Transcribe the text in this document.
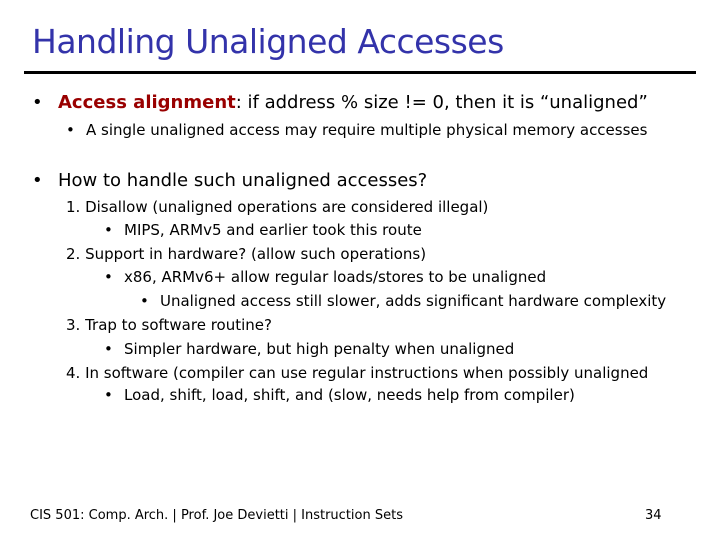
Handling Unaligned Accesses
• Access alignment: if address % size != 0, then it is “unaligned”
• A single unaligned access may require multiple physical memory accesses
• How to handle such unaligned accesses?
1. Disallow (unaligned operations are considered illegal)
• MIPS, ARMv5 and earlier took this route
2. Support in hardware? (allow such operations)
• x86, ARMv6+ allow regular loads/stores to be unaligned
• Unaligned access still slower, adds significant hardware complexity
3. Trap to software routine?
• Simpler hardware, but high penalty when unaligned
4. In software (compiler can use regular instructions when possibly unaligned
• Load, shift, load, shift, and (slow, needs help from compiler)
CIS 501: Comp. Arch. | Prof. Joe Devietti | Instruction Sets	34
